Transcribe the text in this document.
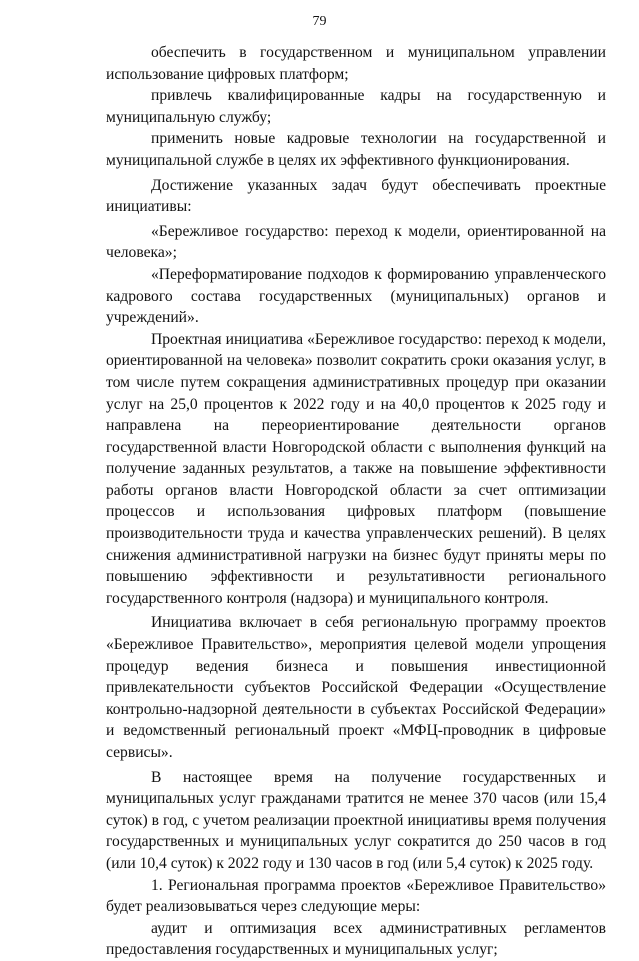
79

обеспечить в государственном и муниципальном управлении использование цифровых платформ;

привлечь квалифицированные кадры на государственную и муниципальную службу;

применить новые кадровые технологии на государственной и муниципальной службе в целях их эффективного функционирования.

Достижение указанных задач будут обеспечивать проектные инициативы:

«Бережливое государство: переход к модели, ориентированной на человека»;

«Переформатирование подходов к формированию управленческого кадрового состава государственных (муниципальных) органов и учреждений».

Проектная инициатива «Бережливое государство: переход к модели, ориентированной на человека» позволит сократить сроки оказания услуг, в том числе путем сокращения административных процедур при оказании услуг на 25,0 процентов к 2022 году и на 40,0 процентов к 2025 году и направлена на переориентирование деятельности органов государственной власти Новгородской области с выполнения функций на получение заданных результатов, а также на повышение эффективности работы органов власти Новгородской области за счет оптимизации процессов и использования цифровых платформ (повышение производительности труда и качества управленческих решений). В целях снижения административной нагрузки на бизнес будут приняты меры по повышению эффективности и результативности регионального государственного контроля (надзора) и муниципального контроля.

Инициатива включает в себя региональную программу проектов «Бережливое Правительство», мероприятия целевой модели упрощения процедур ведения бизнеса и повышения инвестиционной привлекательности субъектов Российской Федерации «Осуществление контрольно-надзорной деятельности в субъектах Российской Федерации» и ведомственный региональный проект «МФЦ-проводник в цифровые сервисы».

В настоящее время на получение государственных и муниципальных услуг гражданами тратится не менее 370 часов (или 15,4 суток) в год, с учетом реализации проектной инициативы время получения государственных и муниципальных услуг сократится до 250 часов в год (или 10,4 суток) к 2022 году и 130 часов в год (или 5,4 суток) к 2025 году.

1. Региональная программа проектов «Бережливое Правительство» будет реализовываться через следующие меры:

аудит и оптимизация всех административных регламентов предоставления государственных и муниципальных услуг;
